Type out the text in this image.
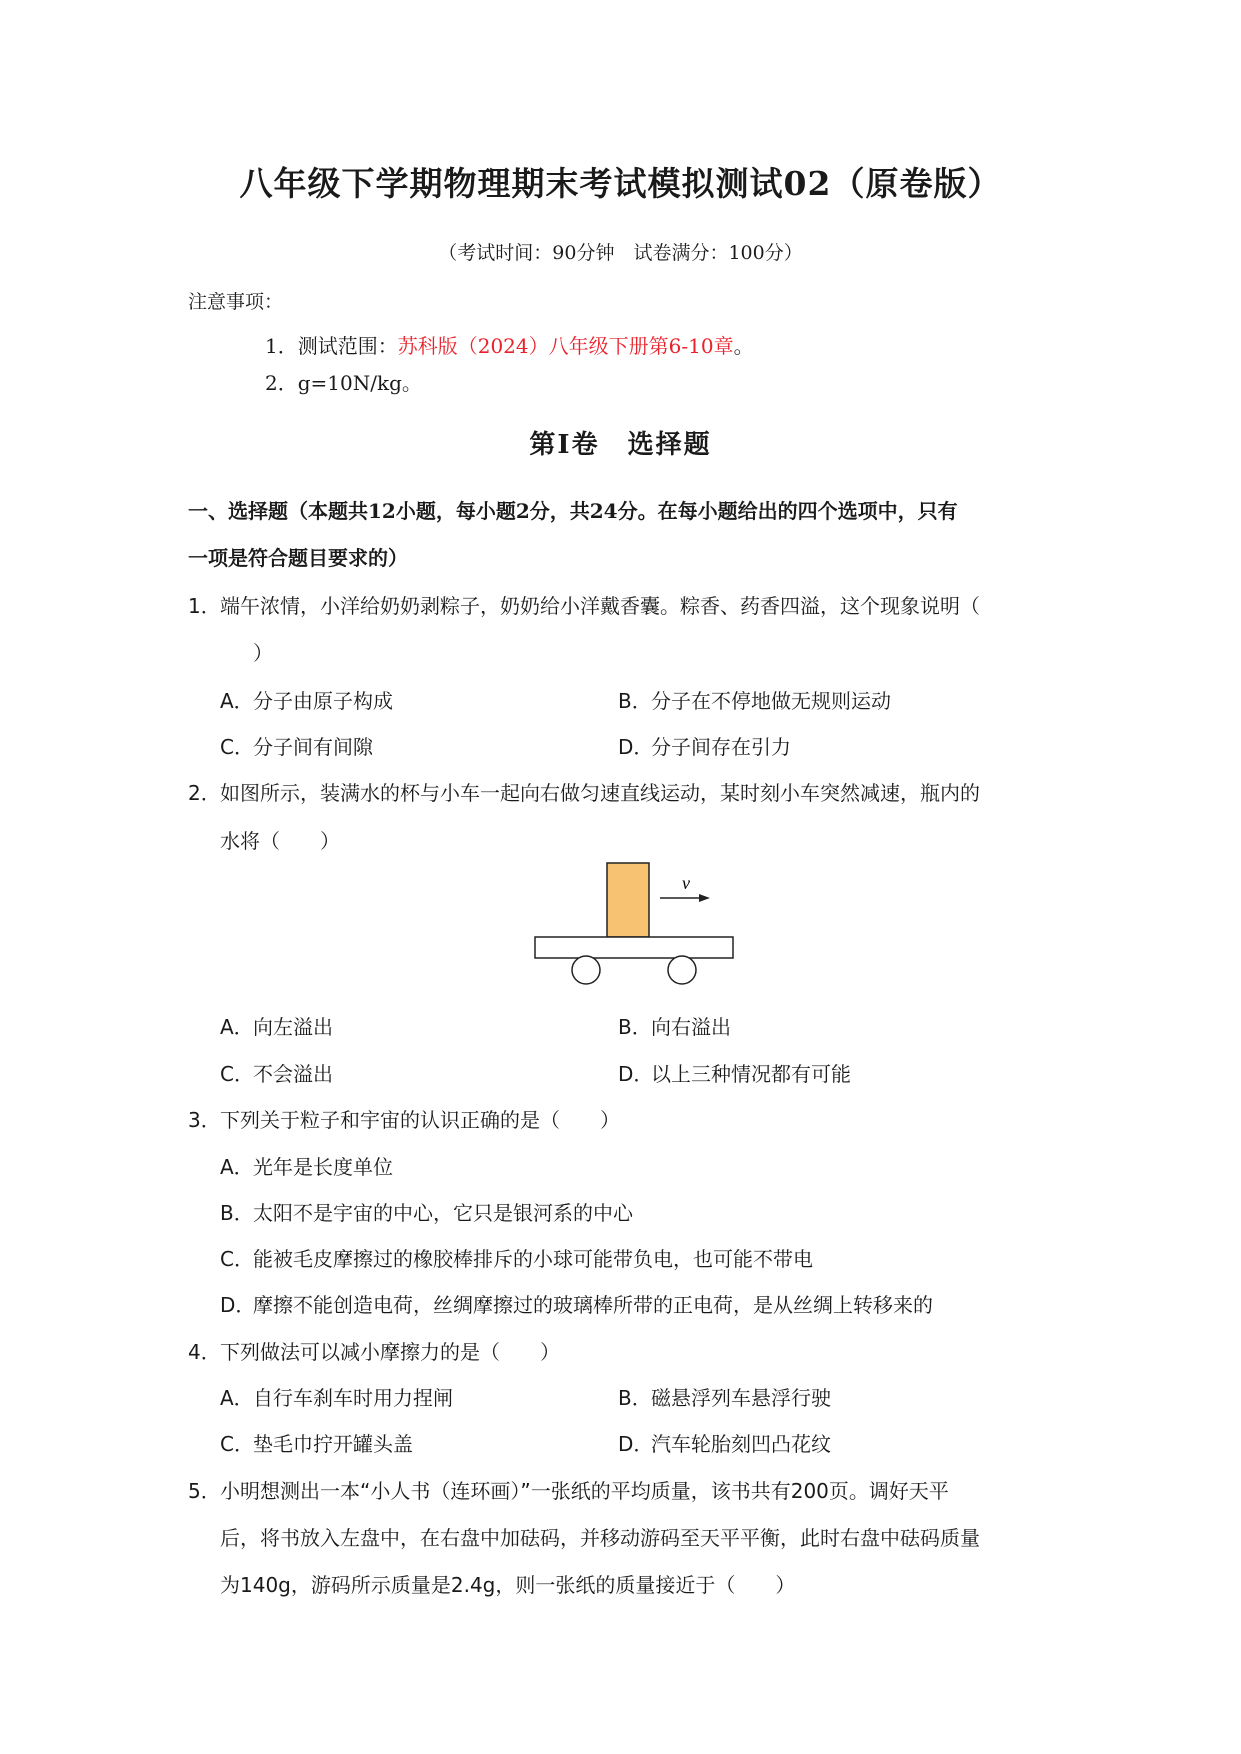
八年级下学期物理期末考试模拟测试02（原卷版）
（考试时间：90分钟　试卷满分：100分）
注意事项：
1．测试范围：苏科版（2024）八年级下册第6-10章。
2．g=10N/kg。
第Ⅰ卷　选择题
一、选择题（本题共12小题，每小题2分，共24分。在每小题给出的四个选项中，只有
一项是符合题目要求的）
1．端午浓情，小洋给奶奶剥粽子，奶奶给小洋戴香囊。粽香、药香四溢，这个现象说明（
）
A．分子由原子构成	B．分子在不停地做无规则运动
C．分子间有间隙	D．分子间存在引力
2．如图所示，装满水的杯与小车一起向右做匀速直线运动，某时刻小车突然减速，瓶内的
水将（　　）
v
A．向左溢出	B．向右溢出
C．不会溢出	D．以上三种情况都有可能
3．下列关于粒子和宇宙的认识正确的是（　　）
A．光年是长度单位
B．太阳不是宇宙的中心，它只是银河系的中心
C．能被毛皮摩擦过的橡胶棒排斥的小球可能带负电，也可能不带电
D．摩擦不能创造电荷，丝绸摩擦过的玻璃棒所带的正电荷，是从丝绸上转移来的
4．下列做法可以减小摩擦力的是（　　）
A．自行车刹车时用力捏闸	B．磁悬浮列车悬浮行驶
C．垫毛巾拧开罐头盖	D．汽车轮胎刻凹凸花纹
5．小明想测出一本“小人书（连环画）”一张纸的平均质量，该书共有200页。调好天平
后，将书放入左盘中，在右盘中加砝码，并移动游码至天平平衡，此时右盘中砝码质量
为140g，游码所示质量是2.4g，则一张纸的质量接近于（　　）
